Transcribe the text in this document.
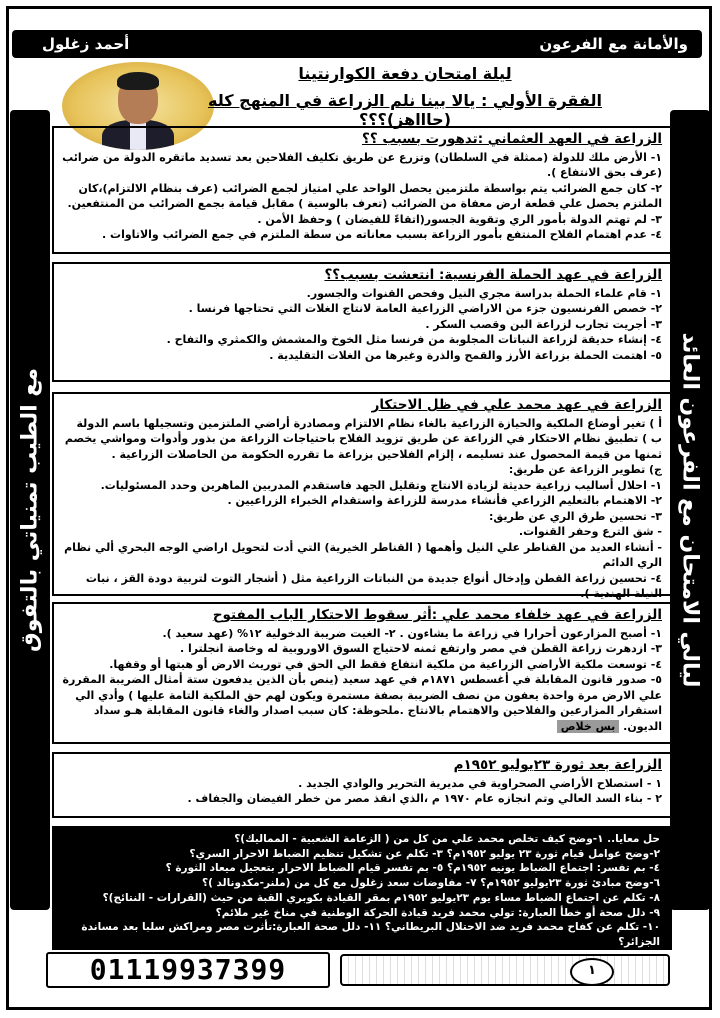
والأمانة مع الفرعون
أحمد زغلول
مع الطيب تمنياتي بالتفوق	ليالي الامتحان مع الفرعون العائد
ليلة امتحان دفعة الكوارنتينا
الفقرة الأولي : يالا بينا نلم الزراعة في المنهج كله (حاااهز)؟؟؟
الزراعة في العهد العثماني :تدهورت بسبب ؟؟

١- الأرض ملك للدولة (ممثلة في السلطان) وتزرع عن طريق تكليف الفلاحين بعد تسديد ماتقره الدولة من ضرائب (عرف بحق الانتفاع ).

٢- كان جمع الضرائب يتم بواسطة ملتزمين يحصل الواحد علي امتياز لجمع الضرائب (عرف بنظام الالتزام)،كان الملتزم يحصل علي قطعة ارض معفاة من الضرائب (تعرف بالوسية ) مقابل قيامة بجمع الضرائب من المنتفعين.

٣- لم تهتم الدولة بأمور الري وتقوية الجسور(اتقاءً للفيضان ) وحفظ الأمن .

٤- عدم اهتمام الفلاح المنتفع بأمور الزراعة بسبب معاناته من سطة الملتزم في جمع الضرائب والاتاوات .

الزراعة في عهد الحملة الفرنسية: انتعشت بسبب؟؟

١- قام علماء الحملة بدراسة مجري النيل وفحص القنوات والجسور.

٢- خصص الفرنسيون جزء من الاراضي الزراعية العامة لانتاج الغلات التي تحتاجها فرنسا .

٣- أجريت تجارب لزراعة البن وقصب السكر .

٤- إنشاء حديقة لزراعة النباتات المجلوبة من فرنسا مثل الخوخ والمشمش والكمثري والتفاح .

٥- اهتمت الحملة بزراعة الأرز والقمح والذرة وغيرها من الغلات التقليدية .

الزراعة في عهد محمد علي في ظل الاحتكار

أ ) تغير أوضاع الملكية والحيازة الزراعية بالغاء نظام الالتزام ومصادرة أراضي الملتزمين وتسجيلها باسم الدولة

ب ) تطبيق نظام الاحتكار في الزراعة عن طريق تزويد الفلاح باحتياجات الزراعة من بذور وأدوات ومواشي يخصم ثمنها من قيمة المحصول عند تسليمه ، إلزام الفلاحين بزراعة ما تقرره الحكومة من الحاصلات الزراعية .

ج) تطوير الزراعة عن طريق:

١- احلال أساليب زراعية حديثة لزيادة الانتاج وتقليل الجهد فاستقدم المدربين الماهرين وحدد المسئوليات.

٢- الاهتمام بالتعليم الزراعي فأنشاء مدرسة للزراعة واستقدام الخبراء الزراعيين .

٣- تحسين طرق الري عن طريق:

- شق الترع وحفر القنوات.

- أنشاء العديد من القناطر علي النيل وأهمها ( القناطر الخيرية) التي أدت لتحويل اراضي الوجه البحري ألي نظام الري الدائم

٤- تحسين زراعة القطن وإدخال أنواع جديدة من النباتات الزراعية مثل ( أشجار التوت لتربية دودة القز ، نبات النيلة الهندية ).

الزراعة في عهد خلفاء محمد علي :أثر سقوط الاحتكار الباب المفتوح

١- أصبح المزارعون أحرارا في زراعة ما يشاءون . ٢- الغيت ضريبة الدخولية ١٢% (عهد سعيد ).

٣- ازدهرت زراعة القطن في مصر وارتفع ثمنه لاحتياج السوق الاوروبية له وخاصة انجلترا .

٤- توسعت ملكية الأراضي الزراعية من ملكية انتفاع فقط الي الحق في توريث الارض أو هبتها أو وقفها.

٥- صدور قانون المقابلة في أغسطس ١٨٧١م في عهد سعيد (ينص بأن الذين يدفعون ستة أمثال الضريبة المقررة علي الارض مرة واحدة يعفون من نصف الضريبة بصفة مستمرة ويكون لهم حق الملكية التامة عليها ) وأدي الي استقرار المزارعين والفلاحين والاهتمام بالانتاج .ملحوظة: كان سبب اصدار والغاء قانون المقابلة هـو سداد الديون. بس خلاص

الزراعة بعد ثورة ٢٣يوليو ١٩٥٢م

١ - استصلاح الأراضي الصحراوية في مديرية التحرير والوادي الجديد .

٢ - بناء السد العالي وتم انجازه عام ١٩٧٠ م ،الذي انقذ مصر من خطر الفيضان والجفاف .

حل معايا.. ١-وضح كيف تخلص محمد علي من كل من ( الزعامة الشعبية - المماليك)؟

٢-وضح عوامل قيام ثورة ٢٣ يوليو ١٩٥٢م؟ ٣- تكلم عن تشكيل تنظيم الضباط الاحرار السري؟

٤- بم تفسر: اجتماع الضباط يونيه ١٩٥٢م؟ ٥- بم تفسر قيام الضباط الاحرار بتعجيل ميعاد الثورة ؟

٦-وضح مبادئ ثورة ٢٣يوليو ١٩٥٢م؟ ٧- مفاوضات سعد زغلول مع كل من (ملنر-مكدونالد )؟

٨- تكلم عن اجتماع الضباط مساء يوم ٢٣يوليو ١٩٥٢م بمقر القيادة بكوبري القبة من حيث (القرارات - النتائج)؟

٩- دلل صحة أو خطأ العبارة: تولي محمد فريد قيادة الحركة الوطنية في مناخ غير ملائم؟

١٠- تكلم عن كفاح محمد فريد ضد الاحتلال البريطاني؟ ١١- دلل صحة العبارة:تأثرت مصر ومراكش سلبا بعد مساندة الجزائر؟

01119937399	١
